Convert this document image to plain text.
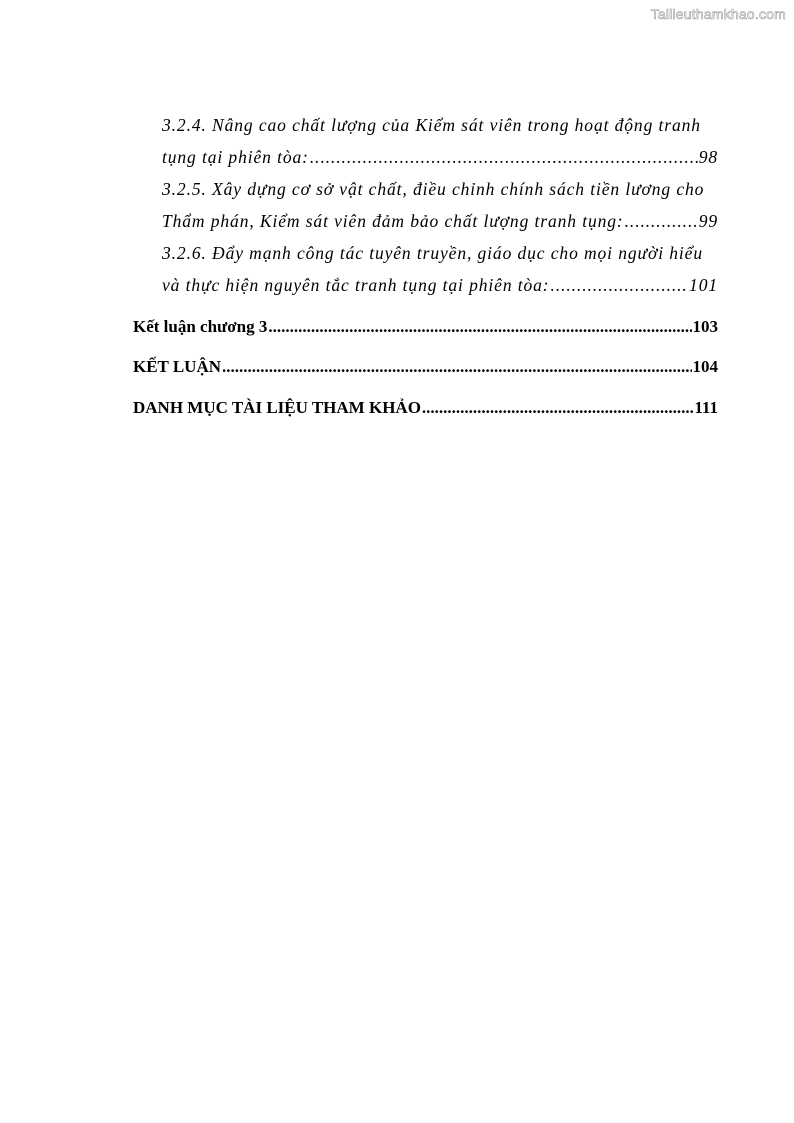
Tailieuthamkhao.com
3.2.4. Nâng cao chất lượng của Kiểm sát viên trong hoạt động tranh
tụng tại phiên tòa: .....	98
3.2.5. Xây dựng cơ sở vật chất, điều chỉnh chính sách tiền lương cho
Thẩm phán, Kiểm sát viên đảm bảo chất lượng tranh tụng: .....	99
3.2.6. Đẩy mạnh công tác tuyên truyền, giáo dục cho mọi người hiểu
và thực hiện nguyên tắc tranh tụng tại phiên tòa: .....	101
Kết luận chương 3 .....	103
KẾT LUẬN .....	104
DANH MỤC TÀI LIỆU THAM KHẢO .....	111
